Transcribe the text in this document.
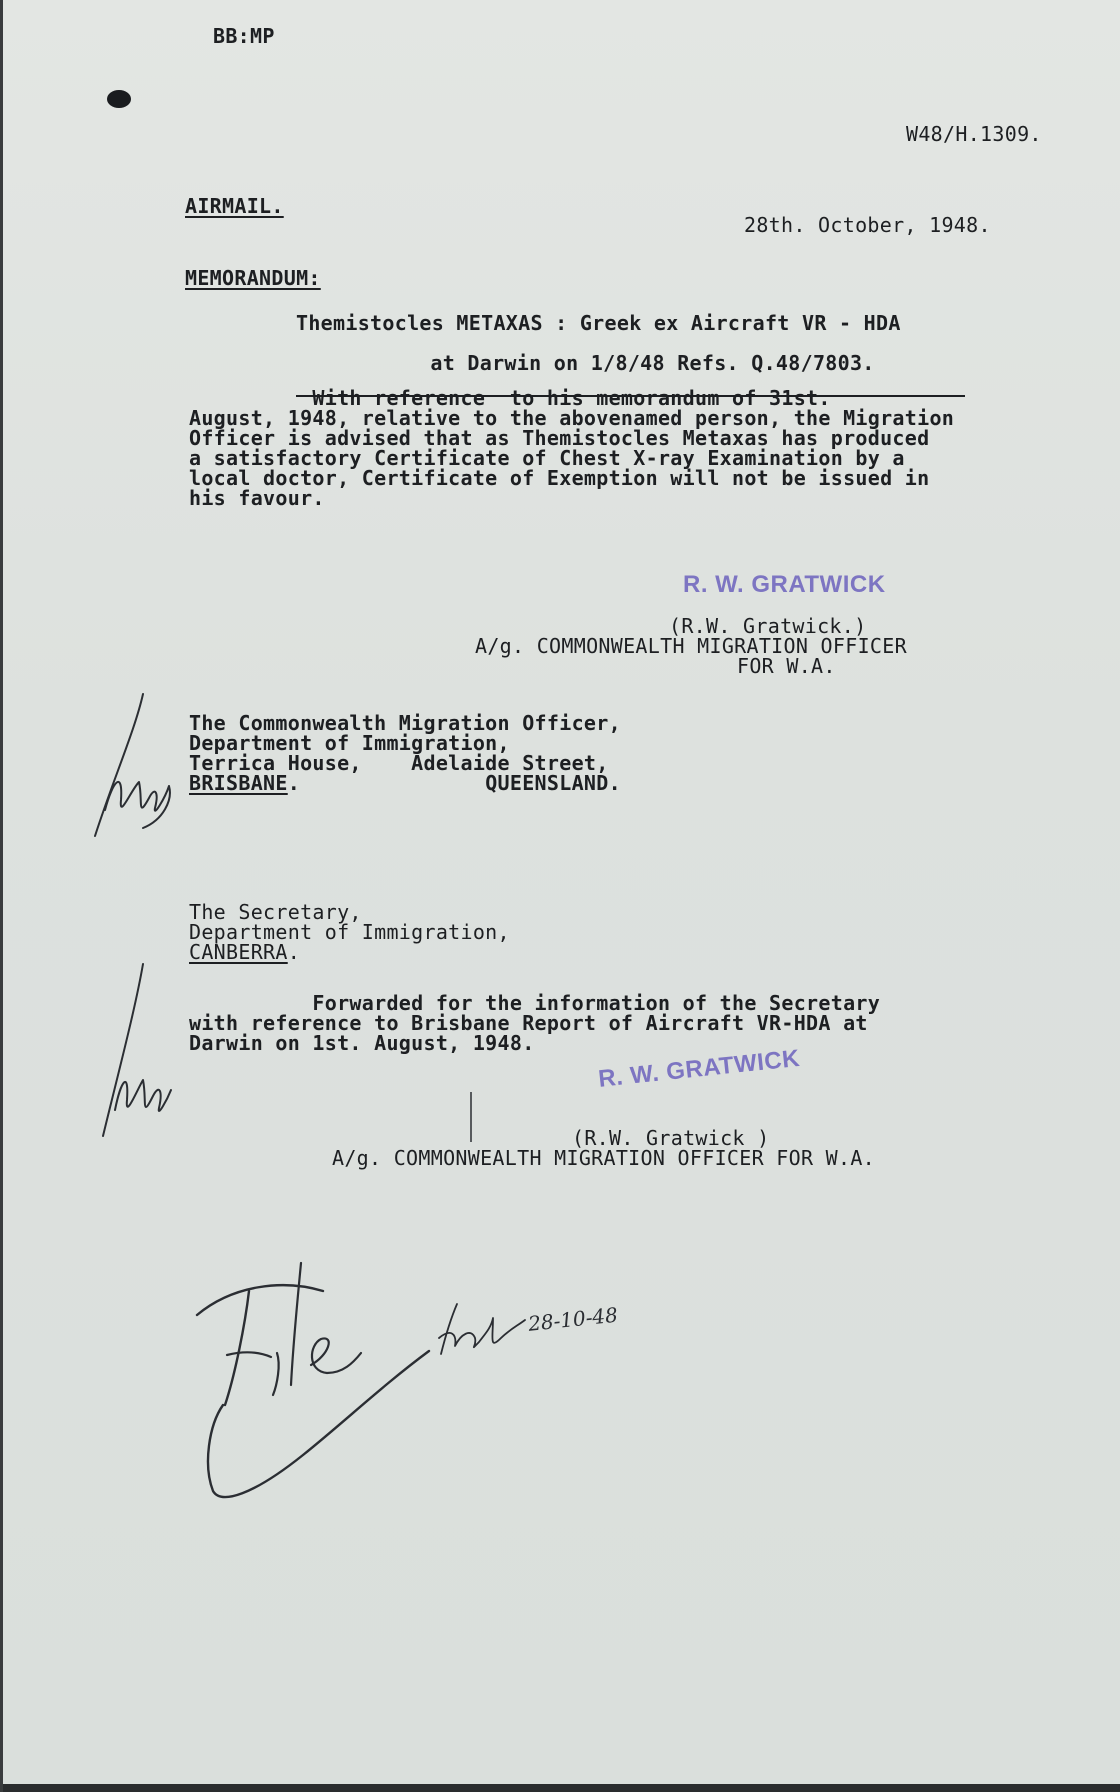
BB:MP
W48/H.1309.
AIRMAIL.
28th. October, 1948.
MEMORANDUM:
Themistocles METAXAS : Greek ex Aircraft VR - HDA

at Darwin on 1/8/48 Refs. Q.48/7803.

With reference  to his memorandum of 31st.
August, 1948, relative to the abovenamed person, the Migration
Officer is advised that as Themistocles Metaxas has produced
a satisfactory Certificate of Chest X-ray Examination by a
local doctor, Certificate of Exemption will not be issued in
his favour.
R. W. GRATWICK
(R.W. Gratwick.)
A/g. COMMONWEALTH MIGRATION OFFICER
FOR W.A.
The Commonwealth Migration Officer,
Department of Immigration,
Terrica House,    Adelaide Street,
BRISBANE.               QUEENSLAND.
The Secretary,
Department of Immigration,
CANBERRA.
Forwarded for the information of the Secretary
with reference to Brisbane Report of Aircraft VR-HDA at
Darwin on 1st. August, 1948.
R. W. GRATWICK
(R.W. Gratwick )
A/g. COMMONWEALTH MIGRATION OFFICER FOR W.A.
28-10-48
